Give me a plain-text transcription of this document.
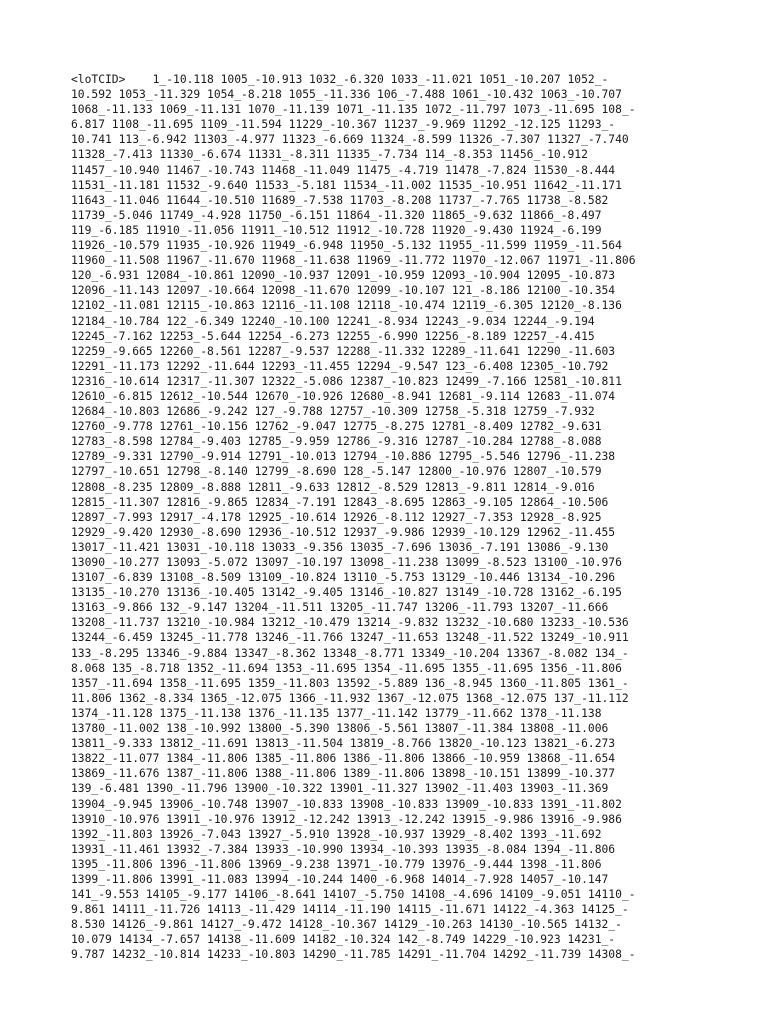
<loTCID>    1_-10.118 1005_-10.913 1032_-6.320 1033_-11.021 1051_-10.207 1052_-
10.592 1053_-11.329 1054_-8.218 1055_-11.336 106_-7.488 1061_-10.432 1063_-10.707
1068_-11.133 1069_-11.131 1070_-11.139 1071_-11.135 1072_-11.797 1073_-11.695 108_-
6.817 1108_-11.695 1109_-11.594 11229_-10.367 11237_-9.969 11292_-12.125 11293_-
10.741 113_-6.942 11303_-4.977 11323_-6.669 11324_-8.599 11326_-7.307 11327_-7.740
11328_-7.413 11330_-6.674 11331_-8.311 11335_-7.734 114_-8.353 11456_-10.912
11457_-10.940 11467_-10.743 11468_-11.049 11475_-4.719 11478_-7.824 11530_-8.444
11531_-11.181 11532_-9.640 11533_-5.181 11534_-11.002 11535_-10.951 11642_-11.171
11643_-11.046 11644_-10.510 11689_-7.538 11703_-8.208 11737_-7.765 11738_-8.582
11739_-5.046 11749_-4.928 11750_-6.151 11864_-11.320 11865_-9.632 11866_-8.497
119_-6.185 11910_-11.056 11911_-10.512 11912_-10.728 11920_-9.430 11924_-6.199
11926_-10.579 11935_-10.926 11949_-6.948 11950_-5.132 11955_-11.599 11959_-11.564
11960_-11.508 11967_-11.670 11968_-11.638 11969_-11.772 11970_-12.067 11971_-11.806
120_-6.931 12084_-10.861 12090_-10.937 12091_-10.959 12093_-10.904 12095_-10.873
12096_-11.143 12097_-10.664 12098_-11.670 12099_-10.107 121_-8.186 12100_-10.354
12102_-11.081 12115_-10.863 12116_-11.108 12118_-10.474 12119_-6.305 12120_-8.136
12184_-10.784 122_-6.349 12240_-10.100 12241_-8.934 12243_-9.034 12244_-9.194
12245_-7.162 12253_-5.644 12254_-6.273 12255_-6.990 12256_-8.189 12257_-4.415
12259_-9.665 12260_-8.561 12287_-9.537 12288_-11.332 12289_-11.641 12290_-11.603
12291_-11.173 12292_-11.644 12293_-11.455 12294_-9.547 123_-6.408 12305_-10.792
12316_-10.614 12317_-11.307 12322_-5.086 12387_-10.823 12499_-7.166 12581_-10.811
12610_-6.815 12612_-10.544 12670_-10.926 12680_-8.941 12681_-9.114 12683_-11.074
12684_-10.803 12686_-9.242 127_-9.788 12757_-10.309 12758_-5.318 12759_-7.932
12760_-9.778 12761_-10.156 12762_-9.047 12775_-8.275 12781_-8.409 12782_-9.631
12783_-8.598 12784_-9.403 12785_-9.959 12786_-9.316 12787_-10.284 12788_-8.088
12789_-9.331 12790_-9.914 12791_-10.013 12794_-10.886 12795_-5.546 12796_-11.238
12797_-10.651 12798_-8.140 12799_-8.690 128_-5.147 12800_-10.976 12807_-10.579
12808_-8.235 12809_-8.888 12811_-9.633 12812_-8.529 12813_-9.811 12814_-9.016
12815_-11.307 12816_-9.865 12834_-7.191 12843_-8.695 12863_-9.105 12864_-10.506
12897_-7.993 12917_-4.178 12925_-10.614 12926_-8.112 12927_-7.353 12928_-8.925
12929_-9.420 12930_-8.690 12936_-10.512 12937_-9.986 12939_-10.129 12962_-11.455
13017_-11.421 13031_-10.118 13033_-9.356 13035_-7.696 13036_-7.191 13086_-9.130
13090_-10.277 13093_-5.072 13097_-10.197 13098_-11.238 13099_-8.523 13100_-10.976
13107_-6.839 13108_-8.509 13109_-10.824 13110_-5.753 13129_-10.446 13134_-10.296
13135_-10.270 13136_-10.405 13142_-9.405 13146_-10.827 13149_-10.728 13162_-6.195
13163_-9.866 132_-9.147 13204_-11.511 13205_-11.747 13206_-11.793 13207_-11.666
13208_-11.737 13210_-10.984 13212_-10.479 13214_-9.832 13232_-10.680 13233_-10.536
13244_-6.459 13245_-11.778 13246_-11.766 13247_-11.653 13248_-11.522 13249_-10.911
133_-8.295 13346_-9.884 13347_-8.362 13348_-8.771 13349_-10.204 13367_-8.082 134_-
8.068 135_-8.718 1352_-11.694 1353_-11.695 1354_-11.695 1355_-11.695 1356_-11.806
1357_-11.694 1358_-11.695 1359_-11.803 13592_-5.889 136_-8.945 1360_-11.805 1361_-
11.806 1362_-8.334 1365_-12.075 1366_-11.932 1367_-12.075 1368_-12.075 137_-11.112
1374_-11.128 1375_-11.138 1376_-11.135 1377_-11.142 13779_-11.662 1378_-11.138
13780_-11.002 138_-10.992 13800_-5.390 13806_-5.561 13807_-11.384 13808_-11.006
13811_-9.333 13812_-11.691 13813_-11.504 13819_-8.766 13820_-10.123 13821_-6.273
13822_-11.077 1384_-11.806 1385_-11.806 1386_-11.806 13866_-10.959 13868_-11.654
13869_-11.676 1387_-11.806 1388_-11.806 1389_-11.806 13898_-10.151 13899_-10.377
139_-6.481 1390_-11.796 13900_-10.322 13901_-11.327 13902_-11.403 13903_-11.369
13904_-9.945 13906_-10.748 13907_-10.833 13908_-10.833 13909_-10.833 1391_-11.802
13910_-10.976 13911_-10.976 13912_-12.242 13913_-12.242 13915_-9.986 13916_-9.986
1392_-11.803 13926_-7.043 13927_-5.910 13928_-10.937 13929_-8.402 1393_-11.692
13931_-11.461 13932_-7.384 13933_-10.990 13934_-10.393 13935_-8.084 1394_-11.806
1395_-11.806 1396_-11.806 13969_-9.238 13971_-10.779 13976_-9.444 1398_-11.806
1399_-11.806 13991_-11.083 13994_-10.244 1400_-6.968 14014_-7.928 14057_-10.147
141_-9.553 14105_-9.177 14106_-8.641 14107_-5.750 14108_-4.696 14109_-9.051 14110_-
9.861 14111_-11.726 14113_-11.429 14114_-11.190 14115_-11.671 14122_-4.363 14125_-
8.530 14126_-9.861 14127_-9.472 14128_-10.367 14129_-10.263 14130_-10.565 14132_-
10.079 14134_-7.657 14138_-11.609 14182_-10.324 142_-8.749 14229_-10.923 14231_-
9.787 14232_-10.814 14233_-10.803 14290_-11.785 14291_-11.704 14292_-11.739 14308_-
